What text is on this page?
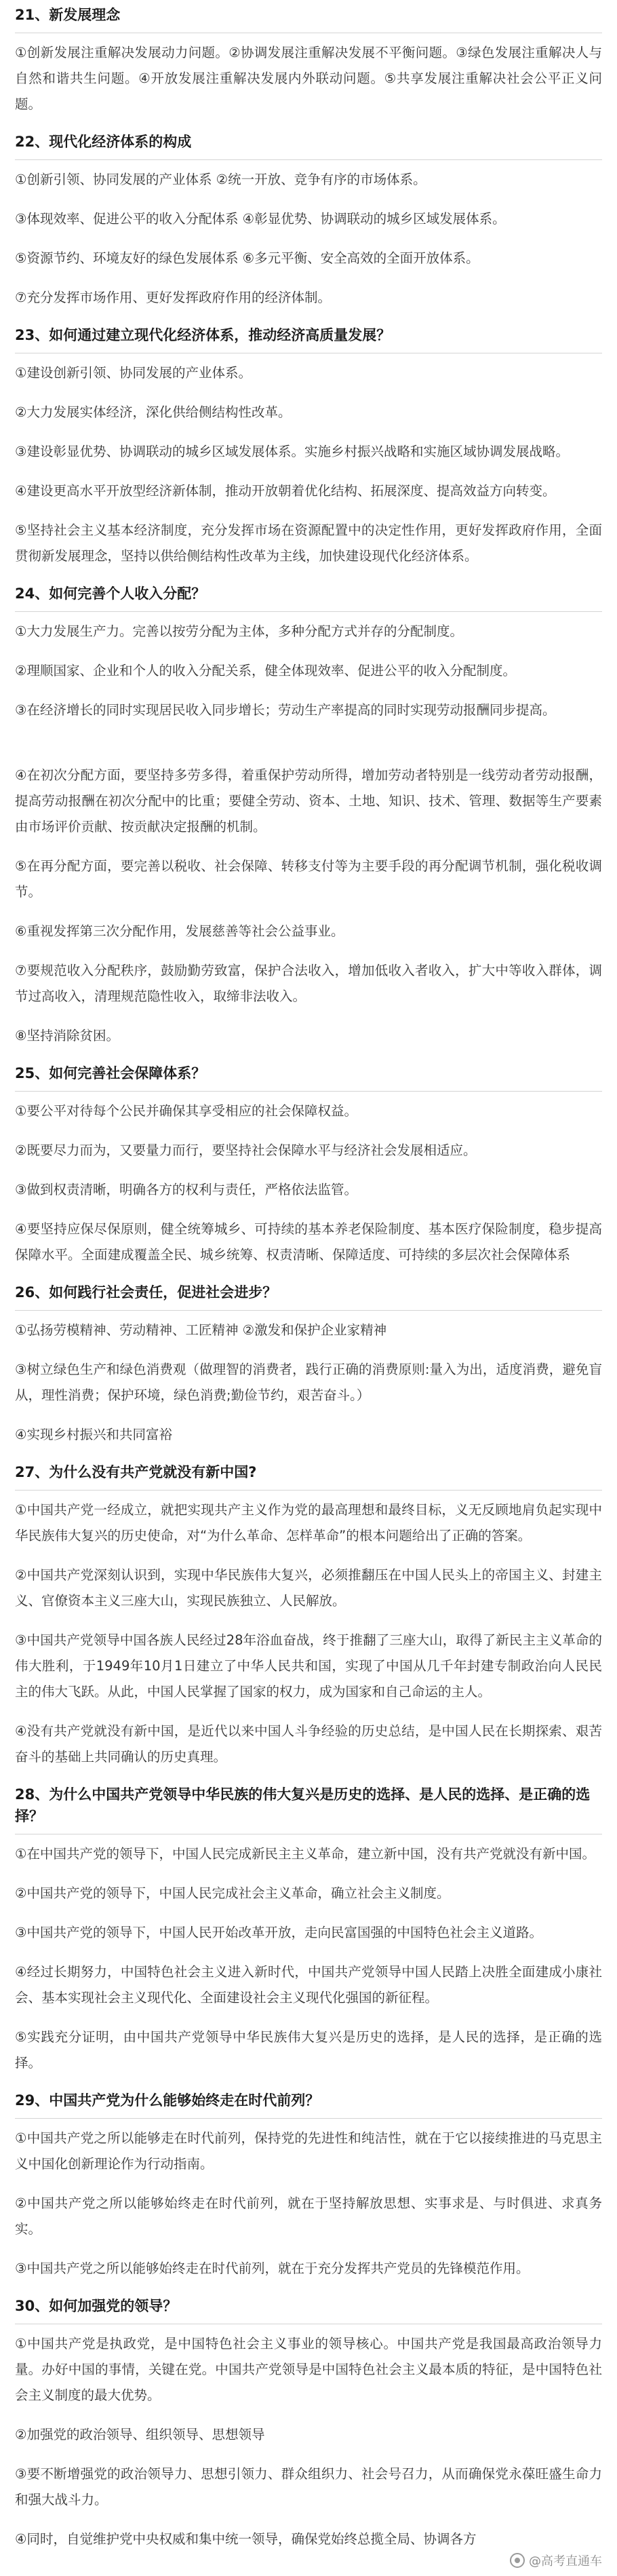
21、新发展理念
①创新发展注重解决发展动力问题。②协调发展注重解决发展不平衡问题。③绿色发展注重解决人与自然和谐共生问题。④开放发展注重解决发展内外联动问题。⑤共享发展注重解决社会公平正义问题。
22、现代化经济体系的构成
①创新引领、协同发展的产业体系 ②统一开放、竞争有序的市场体系。
③体现效率、促进公平的收入分配体系 ④彰显优势、协调联动的城乡区域发展体系。
⑤资源节约、环境友好的绿色发展体系 ⑥多元平衡、安全高效的全面开放体系。
⑦充分发挥市场作用、更好发挥政府作用的经济体制。
23、如何通过建立现代化经济体系，推动经济高质量发展？
①建设创新引领、协同发展的产业体系。
②大力发展实体经济，深化供给侧结构性改革。
③建设彰显优势、协调联动的城乡区域发展体系。实施乡村振兴战略和实施区域协调发展战略。
④建设更高水平开放型经济新体制，推动开放朝着优化结构、拓展深度、提高效益方向转变。
⑤坚持社会主义基本经济制度，充分发挥市场在资源配置中的决定性作用，更好发挥政府作用，全面贯彻新发展理念，坚持以供给侧结构性改革为主线，加快建设现代化经济体系。
24、如何完善个人收入分配？
①大力发展生产力。完善以按劳分配为主体，多种分配方式并存的分配制度。
②理顺国家、企业和个人的收入分配关系，健全体现效率、促进公平的收入分配制度。
③在经济增长的同时实现居民收入同步增长；劳动生产率提高的同时实现劳动报酬同步提高。
④在初次分配方面，要坚持多劳多得，着重保护劳动所得，增加劳动者特别是一线劳动者劳动报酬，提高劳动报酬在初次分配中的比重；要健全劳动、资本、土地、知识、技术、管理、数据等生产要素由市场评价贡献、按贡献决定报酬的机制。
⑤在再分配方面，要完善以税收、社会保障、转移支付等为主要手段的再分配调节机制，强化税收调节。
⑥重视发挥第三次分配作用，发展慈善等社会公益事业。
⑦要规范收入分配秩序，鼓励勤劳致富，保护合法收入，增加低收入者收入，扩大中等收入群体，调节过高收入，清理规范隐性收入，取缔非法收入。
⑧坚持消除贫困。
25、如何完善社会保障体系？
①要公平对待每个公民并确保其享受相应的社会保障权益。
②既要尽力而为，又要量力而行，要坚持社会保障水平与经济社会发展相适应。
③做到权责清晰，明确各方的权利与责任，严格依法监管。
④要坚持应保尽保原则，健全统筹城乡、可持续的基本养老保险制度、基本医疗保险制度，稳步提高保障水平。全面建成覆盖全民、城乡统筹、权责清晰、保障适度、可持续的多层次社会保障体系
26、如何践行社会责任，促进社会进步？
①弘扬劳模精神、劳动精神、工匠精神 ②激发和保护企业家精神
③树立绿色生产和绿色消费观（做理智的消费者，践行正确的消费原则:量入为出，适度消费，避免盲从，理性消费；保护环境，绿色消费;勤俭节约，艰苦奋斗。）
④实现乡村振兴和共同富裕
27、为什么没有共产党就没有新中国?
①中国共产党一经成立，就把实现共产主义作为党的最高理想和最终目标，义无反顾地肩负起实现中华民族伟大复兴的历史使命，对“为什么革命、怎样革命”的根本问题给出了正确的答案。
②中国共产党深刻认识到，实现中华民族伟大复兴，必须推翻压在中国人民头上的帝国主义、封建主义、官僚资本主义三座大山，实现民族独立、人民解放。
③中国共产党领导中国各族人民经过28年浴血奋战，终于推翻了三座大山，取得了新民主主义革命的伟大胜利，于1949年10月1日建立了中华人民共和国，实现了中国从几千年封建专制政治向人民民主的伟大飞跃。从此，中国人民掌握了国家的权力，成为国家和自己命运的主人。
④没有共产党就没有新中国，是近代以来中国人斗争经验的历史总结，是中国人民在长期探索、艰苦奋斗的基础上共同确认的历史真理。
28、为什么中国共产党领导中华民族的伟大复兴是历史的选择、是人民的选择、是正确的选择？
①在中国共产党的领导下，中国人民完成新民主主义革命，建立新中国，没有共产党就没有新中国。
②中国共产党的领导下，中国人民完成社会主义革命，确立社会主义制度。
③中国共产党的领导下，中国人民开始改革开放，走向民富国强的中国特色社会主义道路。
④经过长期努力，中国特色社会主义进入新时代，中国共产党领导中国人民踏上决胜全面建成小康社会、基本实现社会主义现代化、全面建设社会主义现代化强国的新征程。
⑤实践充分证明，由中国共产党领导中华民族伟大复兴是历史的选择，是人民的选择，是正确的选择。
29、中国共产党为什么能够始终走在时代前列？
①中国共产党之所以能够走在时代前列，保持党的先进性和纯洁性，就在于它以接续推进的马克思主义中国化创新理论作为行动指南。
②中国共产党之所以能够始终走在时代前列，就在于坚持解放思想、实事求是、与时俱进、求真务实。
③中国共产党之所以能够始终走在时代前列，就在于充分发挥共产党员的先锋模范作用。
30、如何加强党的领导？
①中国共产党是执政党，是中国特色社会主义事业的领导核心。中国共产党是我国最高政治领导力量。办好中国的事情，关键在党。中国共产党领导是中国特色社会主义最本质的特征，是中国特色社会主义制度的最大优势。
②加强党的政治领导、组织领导、思想领导
③要不断增强党的政治领导力、思想引领力、群众组织力、社会号召力，从而确保党永葆旺盛生命力和强大战斗力。
④同时，自觉维护党中央权威和集中统一领导，确保党始终总揽全局、协调各方
@高考直通车
